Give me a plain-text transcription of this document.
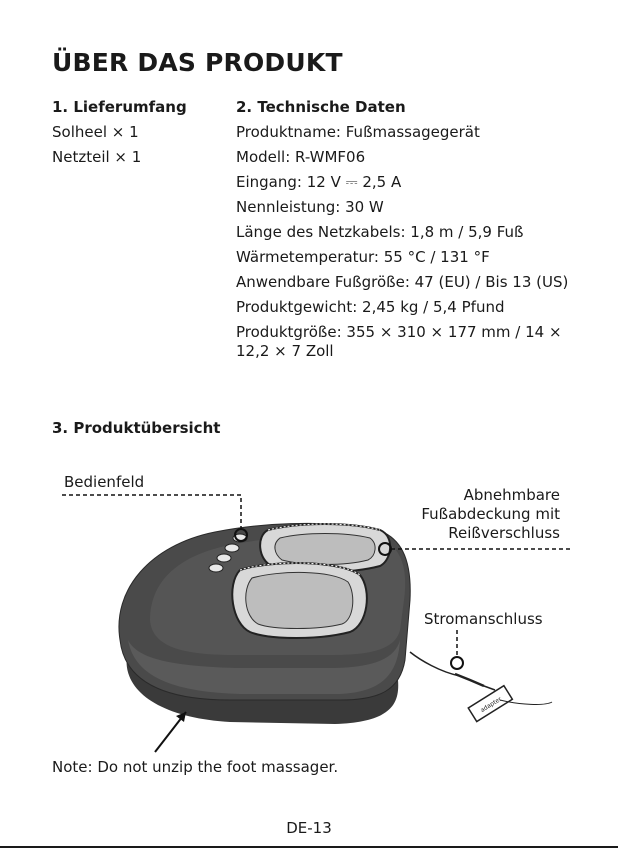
ÜBER DAS PRODUKT
1. Lieferumfang
Solheel × 1
Netzteil × 1
2. Technische Daten
Produktname: Fußmassagegerät
Modell: R-WMF06
Eingang: 12 V ⎓ 2,5 A
Nennleistung: 30 W
Länge des Netzkabels: 1,8 m / 5,9 Fuß
Wärmetemperatur: 55 °C / 131 °F
Anwendbare Fußgröße: 47 (EU) / Bis 13 (US)
Produktgewicht: 2,45 kg / 5,4 Pfund
Produktgröße: 355 × 310 × 177 mm / 14 × 12,2 × 7 Zoll
3. Produktübersicht
adapter
Bedienfeld
Abnehmbare
Fußabdeckung mit
Reißverschluss
Stromanschluss
Note: Do not unzip the foot massager.
DE-13
